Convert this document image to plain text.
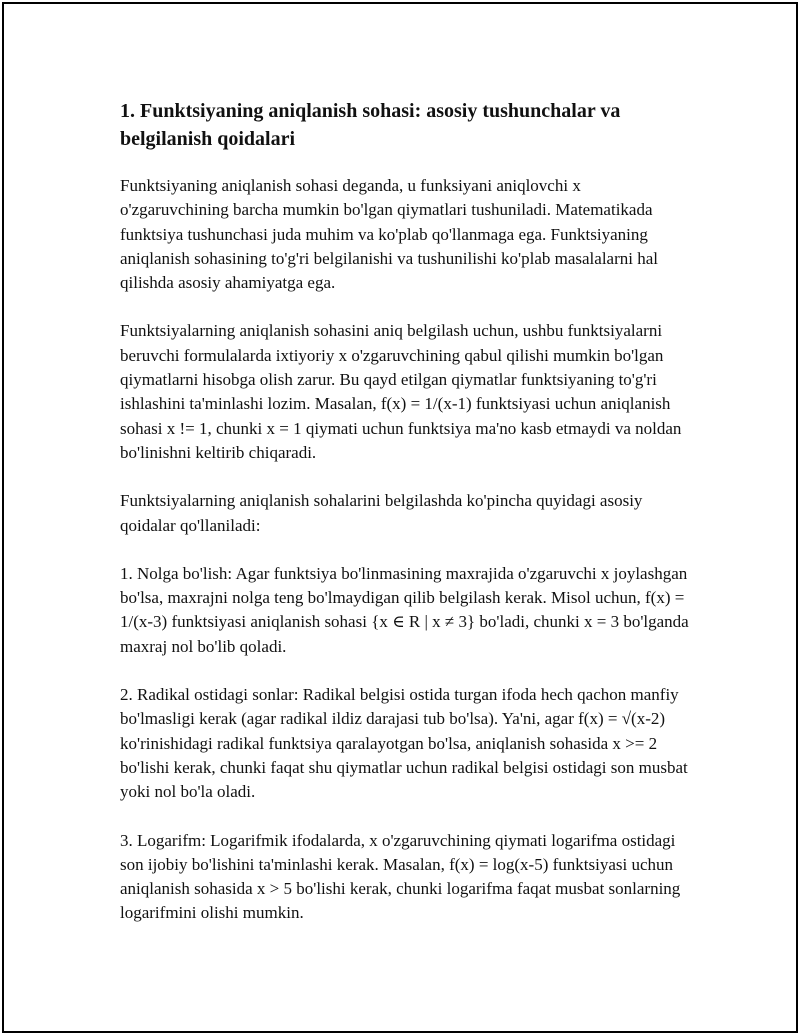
1. Funktsiyaning aniqlanish sohasi: asosiy tushunchalar va belgilanish qoidalari

Funktsiyaning aniqlanish sohasi deganda, u funksiyani aniqlovchi x o'zgaruvchining barcha mumkin bo'lgan qiymatlari tushuniladi. Matematikada funktsiya tushunchasi juda muhim va ko'plab qo'llanmaga ega. Funktsiyaning aniqlanish sohasining to'g'ri belgilanishi va tushunilishi ko'plab masalalarni hal qilishda asosiy ahamiyatga ega.

Funktsiyalarning aniqlanish sohasini aniq belgilash uchun, ushbu funktsiyalarni beruvchi formulalarda ixtiyoriy x o'zgaruvchining qabul qilishi mumkin bo'lgan qiymatlarni hisobga olish zarur. Bu qayd etilgan qiymatlar funktsiyaning to'g'ri ishlashini ta'minlashi lozim. Masalan, f(x) = 1/(x-1) funktsiyasi uchun aniqlanish sohasi x != 1, chunki x = 1 qiymati uchun funktsiya ma'no kasb etmaydi va noldan bo'linishni keltirib chiqaradi.

Funktsiyalarning aniqlanish sohalarini belgilashda ko'pincha quyidagi asosiy qoidalar qo'llaniladi:

1. Nolga bo'lish: Agar funktsiya bo'linmasining maxrajida o'zgaruvchi x joylashgan bo'lsa, maxrajni nolga teng bo'lmaydigan qilib belgilash kerak. Misol uchun, f(x) = 1/(x-3) funktsiyasi aniqlanish sohasi {x ∈ R | x ≠ 3} bo'ladi, chunki x = 3 bo'lganda maxraj nol bo'lib qoladi.

2. Radikal ostidagi sonlar: Radikal belgisi ostida turgan ifoda hech qachon manfiy bo'lmasligi kerak (agar radikal ildiz darajasi tub bo'lsa). Ya'ni, agar f(x) = √(x-2) ko'rinishidagi radikal funktsiya qaralayotgan bo'lsa, aniqlanish sohasida x >= 2 bo'lishi kerak, chunki faqat shu qiymatlar uchun radikal belgisi ostidagi son musbat yoki nol bo'la oladi.

3. Logarifm: Logarifmik ifodalarda, x o'zgaruvchining qiymati logarifma ostidagi son ijobiy bo'lishini ta'minlashi kerak. Masalan, f(x) = log(x-5) funktsiyasi uchun aniqlanish sohasida x > 5 bo'lishi kerak, chunki logarifma faqat musbat sonlarning logarifmini olishi mumkin.
